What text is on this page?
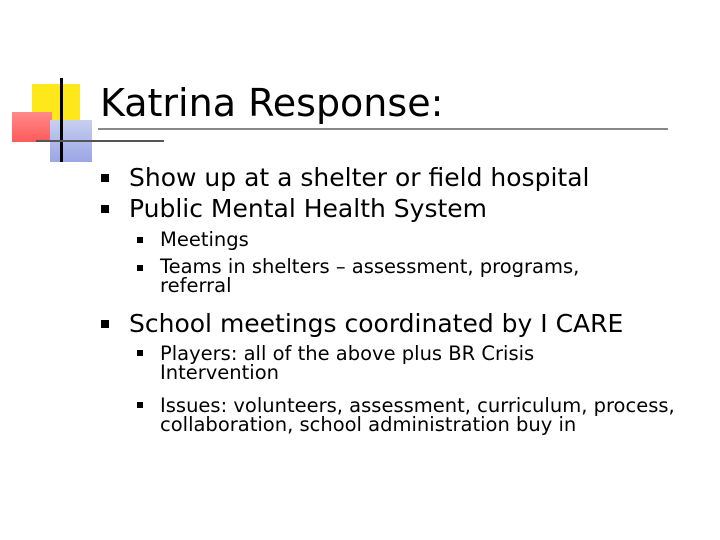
Katrina Response:
Show up at a shelter or field hospital
Public Mental Health System
Meetings
Teams in shelters – assessment, programs, referral
School meetings coordinated by I CARE
Players: all of the above plus BR Crisis Intervention
Issues: volunteers, assessment, curriculum, process, collaboration, school administration buy in
